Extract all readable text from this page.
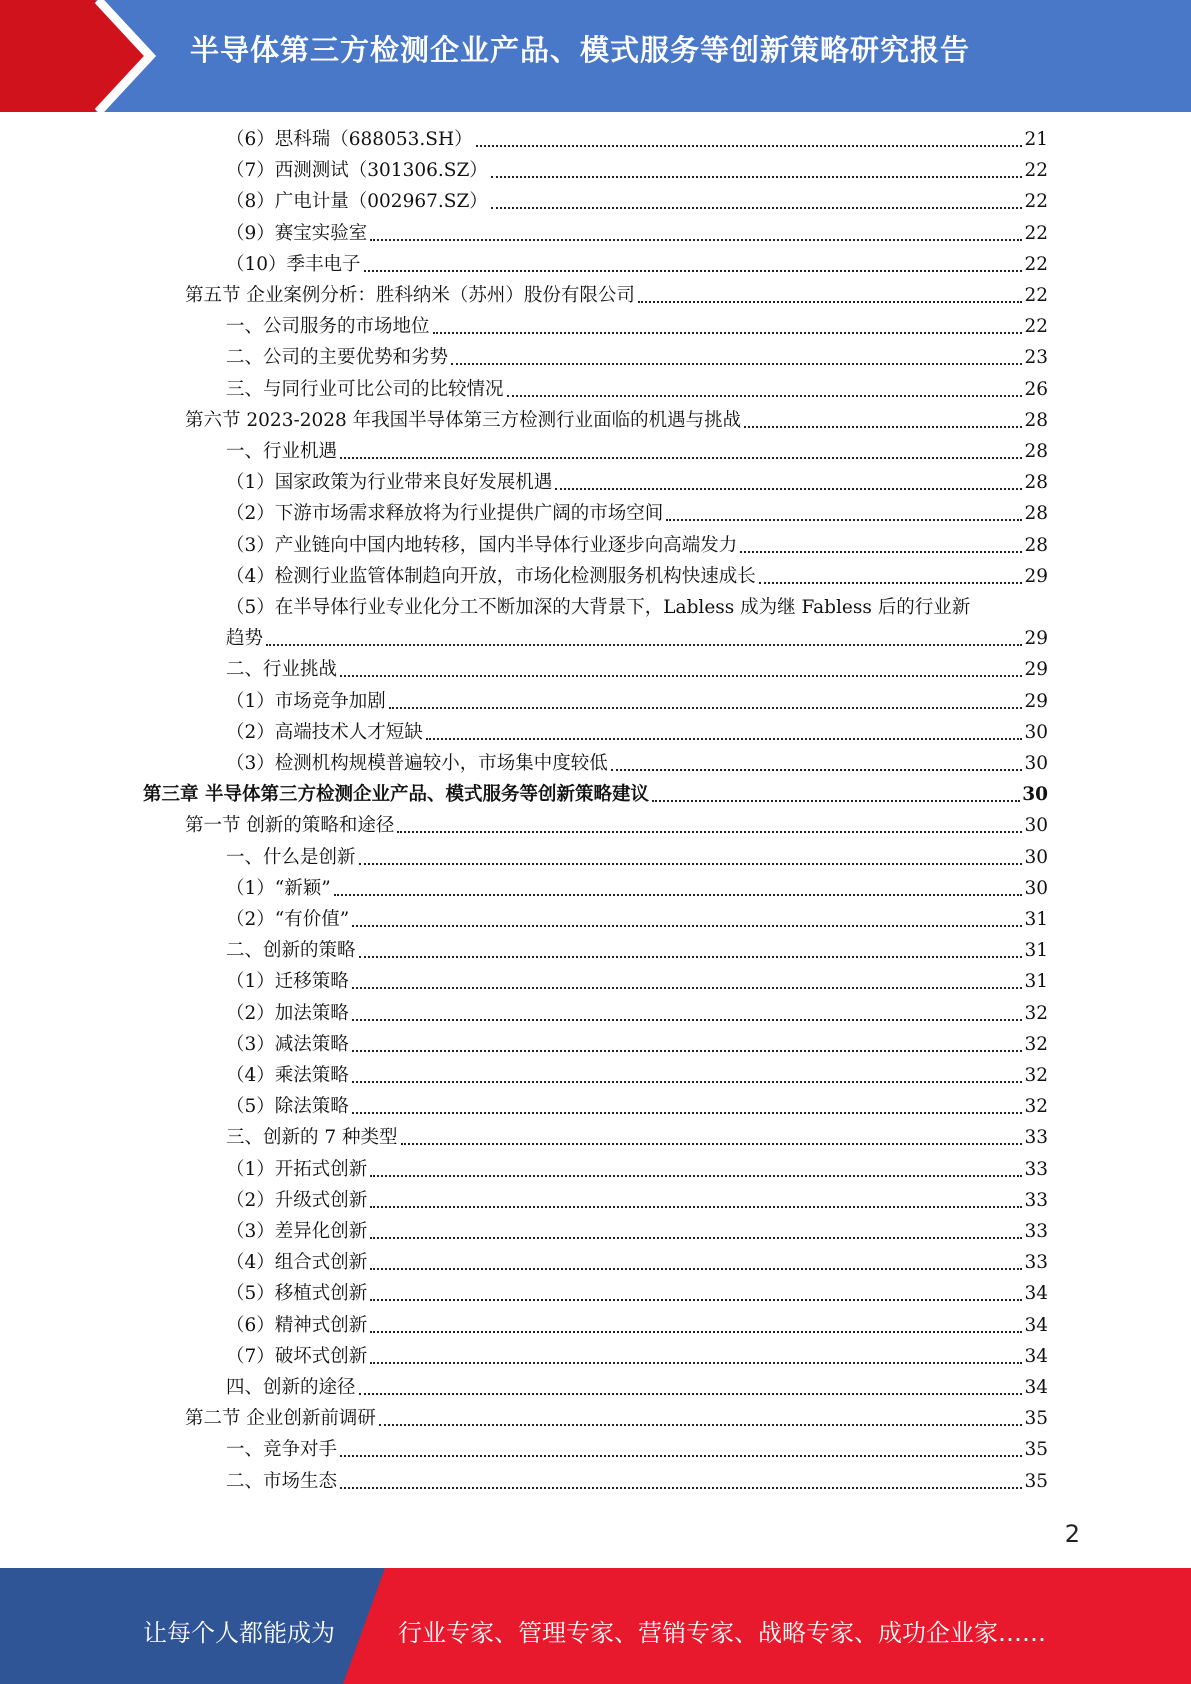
半导体第三方检测企业产品、模式服务等创新策略研究报告
（6）思科瑞（688053.SH）	21
（7）西测测试（301306.SZ）	22
（8）广电计量（002967.SZ）	22
（9）赛宝实验室	22
（10）季丰电子	22
第五节 企业案例分析：胜科纳米（苏州）股份有限公司	22
一、公司服务的市场地位	22
二、公司的主要优势和劣势	23
三、与同行业可比公司的比较情况	26
第六节 2023-2028 年我国半导体第三方检测行业面临的机遇与挑战	28
一、行业机遇	28
（1）国家政策为行业带来良好发展机遇	28
（2）下游市场需求释放将为行业提供广阔的市场空间	28
（3）产业链向中国内地转移，国内半导体行业逐步向高端发力	28
（4）检测行业监管体制趋向开放，市场化检测服务机构快速成长	29
（5）在半导体行业专业化分工不断加深的大背景下，Labless 成为继 Fabless 后的行业新
趋势	29
二、行业挑战	29
（1）市场竞争加剧	29
（2）高端技术人才短缺	30
（3）检测机构规模普遍较小，市场集中度较低	30
第三章 半导体第三方检测企业产品、模式服务等创新策略建议	30
第一节 创新的策略和途径	30
一、什么是创新	30
（1）“新颖”	30
（2）“有价值”	31
二、创新的策略	31
（1）迁移策略	31
（2）加法策略	32
（3）减法策略	32
（4）乘法策略	32
（5）除法策略	32
三、创新的 7 种类型	33
（1）开拓式创新	33
（2）升级式创新	33
（3）差异化创新	33
（4）组合式创新	33
（5）移植式创新	34
（6）精神式创新	34
（7）破坏式创新	34
四、创新的途径	34
第二节 企业创新前调研	35
一、竞争对手	35
二、市场生态	35
2
让每个人都能成为	行业专家、管理专家、营销专家、战略专家、成功企业家……
